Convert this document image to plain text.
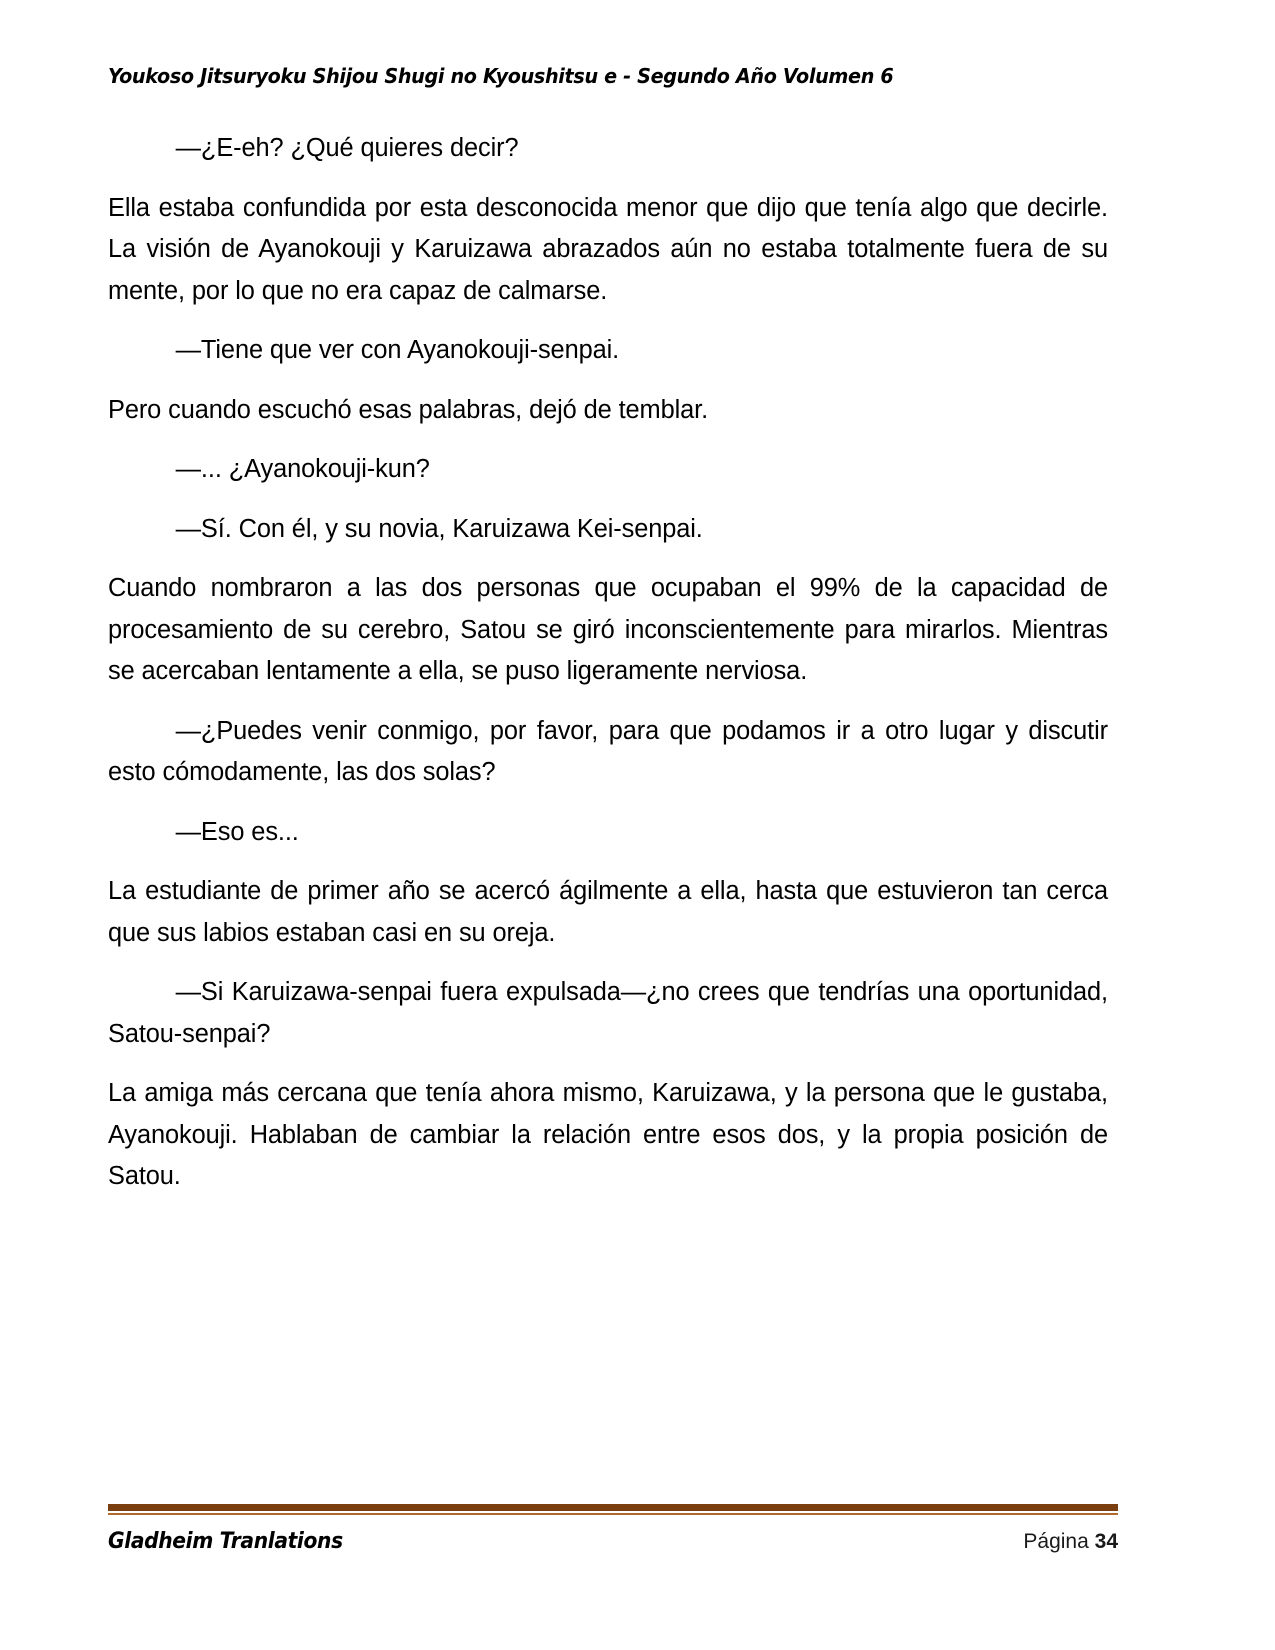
Youkoso Jitsuryoku Shijou Shugi no Kyoushitsu e - Segundo Año Volumen 6

—¿E-eh? ¿Qué quieres decir?

Ella estaba confundida por esta desconocida menor que dijo que tenía algo que decirle. La visión de Ayanokouji y Karuizawa abrazados aún no estaba totalmente fuera de su mente, por lo que no era capaz de calmarse.

—Tiene que ver con Ayanokouji-senpai.

Pero cuando escuchó esas palabras, dejó de temblar.

—... ¿Ayanokouji-kun?

—Sí. Con él, y su novia, Karuizawa Kei-senpai.

Cuando nombraron a las dos personas que ocupaban el 99% de la capacidad de procesamiento de su cerebro, Satou se giró inconscientemente para mirarlos. Mientras se acercaban lentamente a ella, se puso ligeramente nerviosa.

—¿Puedes venir conmigo, por favor, para que podamos ir a otro lugar y discutir esto cómodamente, las dos solas?

—Eso es...

La estudiante de primer año se acercó ágilmente a ella, hasta que estuvieron tan cerca que sus labios estaban casi en su oreja.

—Si Karuizawa-senpai fuera expulsada—¿no crees que tendrías una oportunidad, Satou-senpai?

La amiga más cercana que tenía ahora mismo, Karuizawa, y la persona que le gustaba, Ayanokouji. Hablaban de cambiar la relación entre esos dos, y la propia posición de Satou.

Gladheim Tranlations	Página 34
